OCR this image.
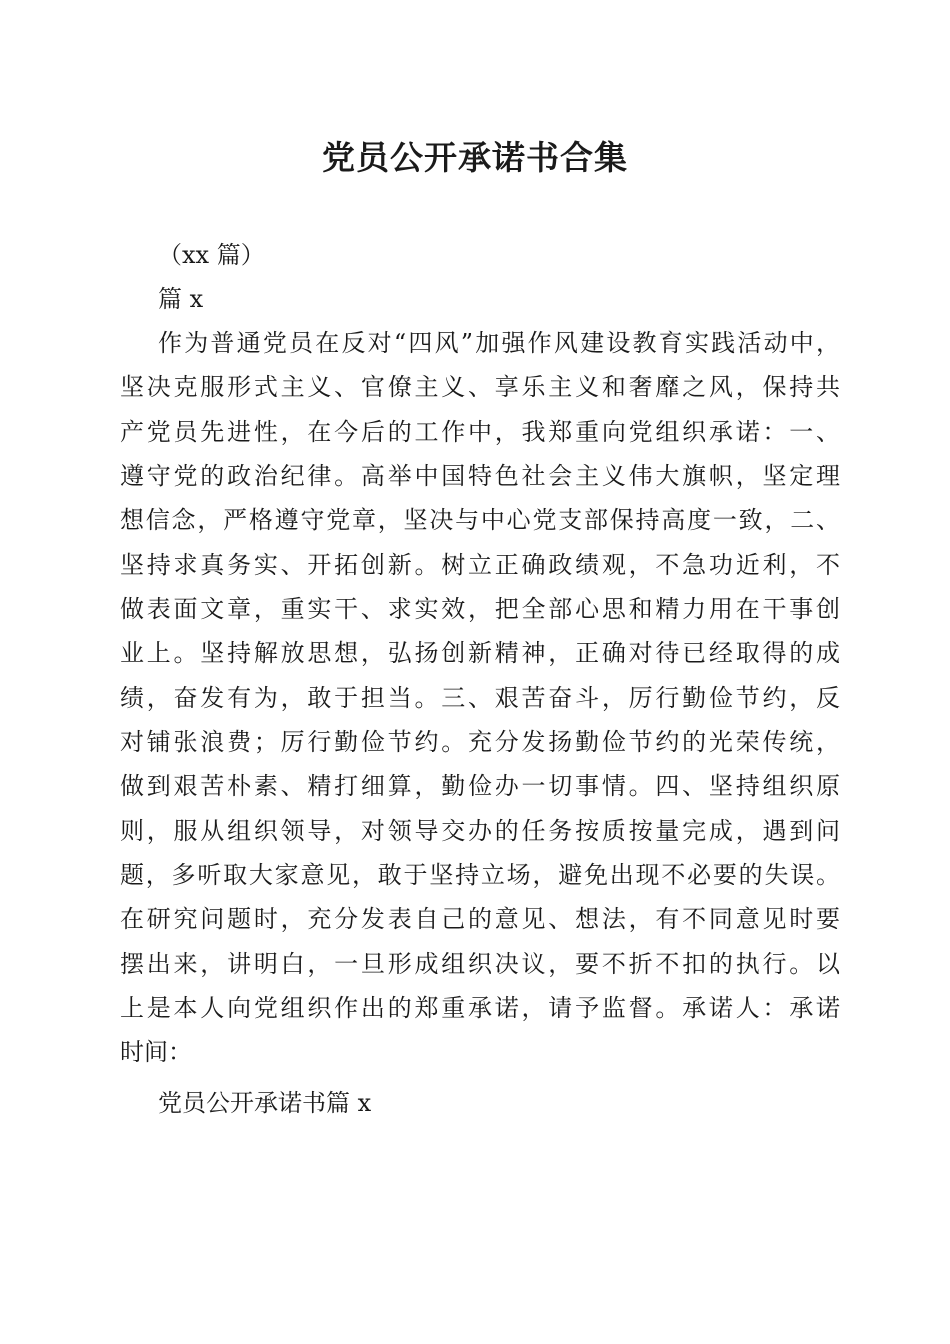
党员公开承诺书合集

（xx 篇）

篇 x

作为普通党员在反对“四风”加强作风建设教育实践活动中，

坚决克服形式主义、官僚主义、享乐主义和奢靡之风，保持共

产党员先进性，在今后的工作中，我郑重向党组织承诺：一、

遵守党的政治纪律。高举中国特色社会主义伟大旗帜，坚定理

想信念，严格遵守党章，坚决与中心党支部保持高度一致，二、

坚持求真务实、开拓创新。树立正确政绩观，不急功近利，不

做表面文章，重实干、求实效，把全部心思和精力用在干事创

业上。坚持解放思想，弘扬创新精神，正确对待已经取得的成

绩，奋发有为，敢于担当。三、艰苦奋斗，厉行勤俭节约，反

对铺张浪费；厉行勤俭节约。充分发扬勤俭节约的光荣传统，

做到艰苦朴素、精打细算，勤俭办一切事情。四、坚持组织原

则，服从组织领导，对领导交办的任务按质按量完成，遇到问

题，多听取大家意见，敢于坚持立场，避免出现不必要的失误。

在研究问题时，充分发表自己的意见、想法，有不同意见时要

摆出来，讲明白，一旦形成组织决议，要不折不扣的执行。以

上是本人向党组织作出的郑重承诺，请予监督。承诺人：承诺

时间：

党员公开承诺书篇 x
